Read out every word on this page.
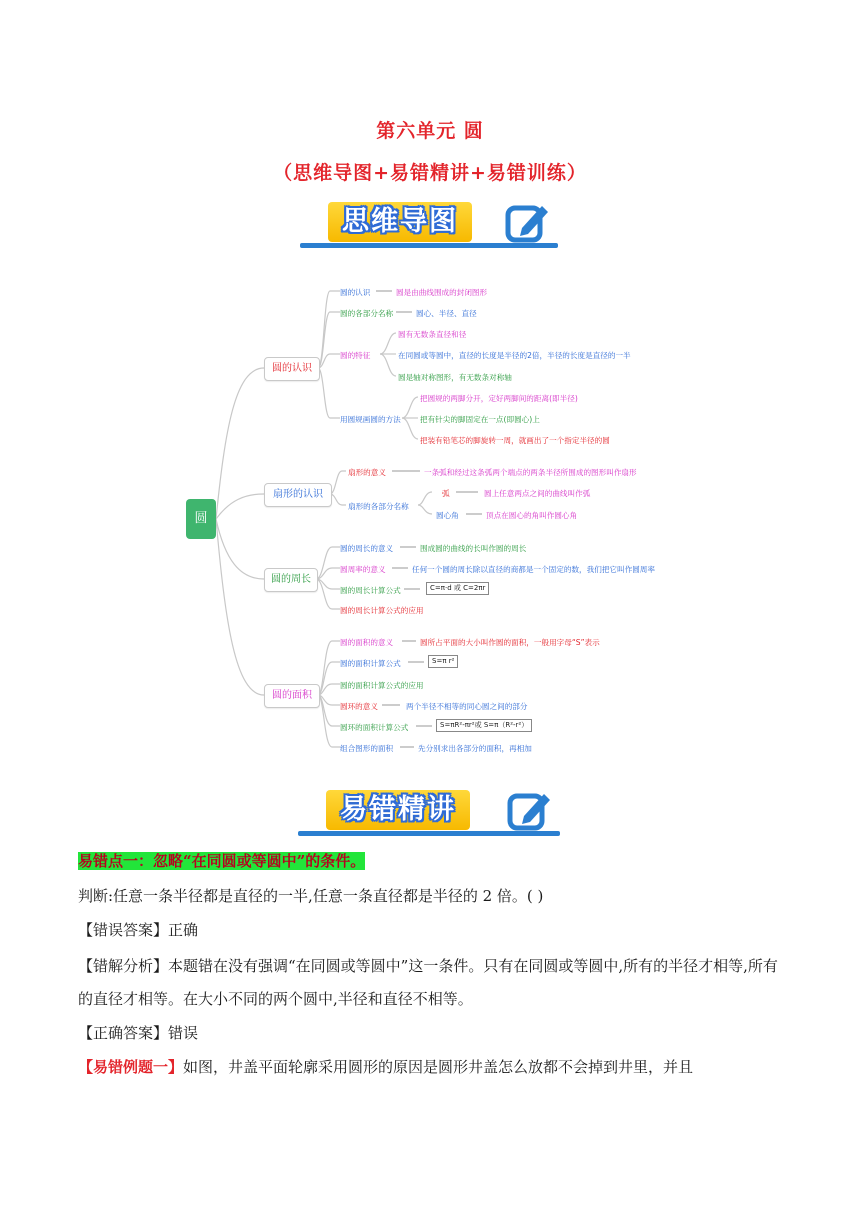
第六单元 圆
（思维导图+易错精讲+易错训练）
思维导图
圆
圆的认识
圆的认识	圆是由曲线围成的封闭图形
圆的各部分名称	圆心、半径、直径
圆的特征
圆有无数条直径和径
在同圆或等圆中，直径的长度是半径的2倍，半径的长度是直径的一半
圆是轴对称图形，有无数条对称轴
用圆规画圆的方法
把圆规的两脚分开，定好两脚间的距离(即半径)
把有针尖的脚固定在一点(即圆心)上
把装有铅笔芯的脚旋转一周，就画出了一个指定半径的圆
扇形的认识
扇形的意义	一条弧和经过这条弧两个端点的两条半径所围成的图形叫作扇形
扇形的各部分名称
弧	圆上任意两点之间的曲线叫作弧
圆心角	顶点在圆心的角叫作圆心角
圆的周长
圆的周长的意义	围成圆的曲线的长叫作圆的周长
圆周率的意义	任何一个圆的周长除以直径的商都是一个固定的数，我们把它叫作圆周率
圆的周长计算公式	C=π·d 或 C=2πr
圆的周长计算公式的应用
圆的面积
圆的面积的意义	圆所占平面的大小叫作圆的面积，一般用字母“S”表示
圆的面积计算公式	S=π r²
圆的面积计算公式的应用
圆环的意义	两个半径不相等的同心圆之间的部分
圆环的面积计算公式	S=πR²-πr²或 S=π（R²-r²）
组合图形的面积	先分别求出各部分的面积，再相加
易错精讲
易错点一：忽略“在同圆或等圆中”的条件。
判断:任意一条半径都是直径的一半,任意一条直径都是半径的 2 倍。( )
【错误答案】正确
【错解分析】本题错在没有强调“在同圆或等圆中”这一条件。只有在同圆或等圆中,所有的半径才相等,所有的直径才相等。在大小不同的两个圆中,半径和直径不相等。
【正确答案】错误
【易错例题一】如图，井盖平面轮廓采用圆形的原因是圆形井盖怎么放都不会掉到井里，并且
